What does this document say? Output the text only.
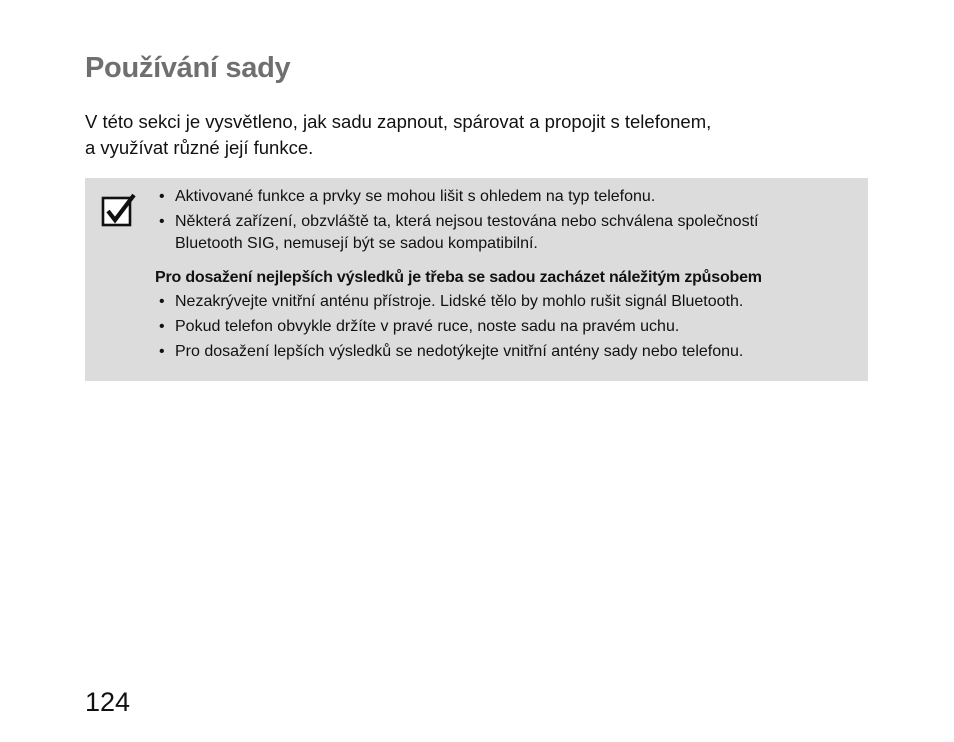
Používání sady
V této sekci je vysvětleno, jak sadu zapnout, spárovat a propojit s telefonem,
a využívat různé její funkce.
• Aktivované funkce a prvky se mohou lišit s ohledem na typ telefonu.
• Některá zařízení, obzvláště ta, která nejsou testována nebo schválena společností
Bluetooth SIG, nemusejí být se sadou kompatibilní.
Pro dosažení nejlepších výsledků je třeba se sadou zacházet náležitým způsobem
• Nezakrývejte vnitřní anténu přístroje. Lidské tělo by mohlo rušit signál Bluetooth.
• Pokud telefon obvykle držíte v pravé ruce, noste sadu na pravém uchu.
• Pro dosažení lepších výsledků se nedotýkejte vnitřní antény sady nebo telefonu.
124
